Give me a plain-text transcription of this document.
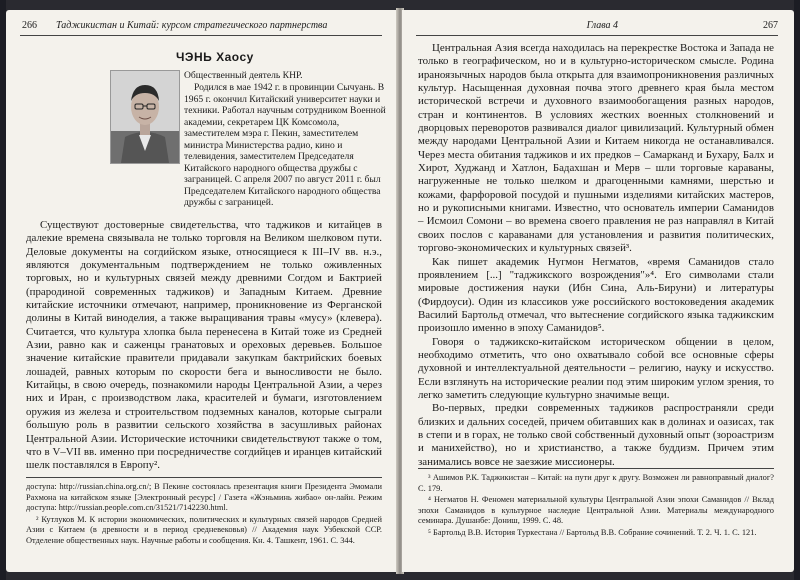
266 Таджикистан и Китай: курсом стратегического партнерства
ЧЭНЬ Хаосу

Общественный деятель КНР.

Родился в мае 1942 г. в провинции Сычуань. В 1965 г. окончил Китайский университет науки и техники. Работал научным сотрудником Военной академии, секретарем ЦК Комсомола, заместителем мэра г. Пекин, заместителем министра Министерства радио, кино и телевидения, заместителем Председателя Китайского народного общества дружбы с заграницей. С апреля 2007 по август 2011 г. был Председателем Китайского народного общества дружбы с заграницей.

Существуют достоверные свидетельства, что таджиков и китайцев в далекие времена связывала не только торговля на Великом шелковом пути. Деловые документы на согдийском языке, относящиеся к III–IV вв. н.э., являются документальным подтверждением не только оживленных торговых, но и культурных связей между древними Согдом и Бактрией (прародиной современных таджиков) и Западным Китаем. Древние китайские источники отмечают, например, проникновение из Ферганской долины в Китай виноделия, а также выращивания травы «мусу» (клевера). Считается, что культура хлопка была перенесена в Китай тоже из Средней Азии, равно как и саженцы гранатовых и ореховых деревьев. Большое значение китайские правители придавали закупкам бактрийских боевых лошадей, равных которым по скорости бега и выносливости не было. Китайцы, в свою очередь, познакомили народы Центральной Азии, а через них и Иран, с производством лака, красителей и бумаги, изготовлением оружия из железа и строительством подземных каналов, которые сыграли большую роль в развитии сельского хозяйства в засушливых районах Центральной Азии. Исторические источники свидетельствуют также о том, что в V–VII вв. именно при посредничестве согдийцев и иранцев китайский шелк поставлялся в Европу².

доступа: http://russian.china.org.cn/; В Пекине состоялась презентация книги Президента Эмомали Рахмона на китайском языке [Электронный ресурс] / Газета «Жэньминь жибао» он-лайн. Режим доступа: http://russian.people.com.cn/31521/7142230.html.

² Кутлуков М. К истории экономических, политических и культурных связей народов Средней Азии с Китаем (в древности и в период средневековья) // Академия наук Узбекской ССР. Отделение общественных наук. Научные работы и сообщения. Кн. 4. Ташкент, 1961. С. 344.

Глава 4	267

Центральная Азия всегда находилась на перекрестке Востока и Запада не только в географическом, но и в культурно-историческом смысле. Родина ираноязычных народов была открыта для взаимопроникновения различных культур. Насыщенная духовная почва этого древнего края была местом исторической встречи и духовного взаимообогащения разных народов, стран и континентов. В условиях жестких военных столкновений и дворцовых переворотов развивался диалог цивилизаций. Культурный обмен между народами Центральной Азии и Китаем никогда не останавливался. Через места обитания таджиков и их предков – Самарканд и Бухару, Балх и Хирот, Худжанд и Хатлон, Бадахшан и Мерв – шли торговые караваны, нагруженные не только шелком и драгоценными камнями, шерстью и кожами, фарфоровой посудой и пушными изделиями китайских мастеров, но и рукописными книгами. Известно, что основатель империи Саманидов – Исмоил Сомони – во времена своего правления не раз направлял в Китай своих послов с караванами для установления и развития политических, торгово-экономических и культурных связей³.

Как пишет академик Нугмон Негматов, «время Саманидов стало проявлением [...] "таджикского возрождения"»⁴. Его символами стали мировые достижения науки (Ибн Сина, Аль-Бируни) и литературы (Фирдоуси). Один из классиков уже российского востоковедения академик Василий Бартольд отмечал, что вытеснение согдийского языка таджикским произошло именно в эпоху Саманидов⁵.

Говоря о таджикско-китайском историческом общении в целом, необходимо отметить, что оно охватывало собой все основные сферы духовной и интеллектуальной деятельности – религию, науку и искусство. Если взглянуть на исторические реалии под этим широким углом зрения, то легко заметить следующие культурно значимые вещи.

Во-первых, предки современных таджиков распространяли среди близких и дальних соседей, причем обитавших как в долинах и оазисах, так в степи и в горах, не только свой собственный духовный опыт (зороастризм и манихейство), но и христианство, а также буддизм. Причем этим занимались вовсе не заезжие миссионеры.

³ Ашимов Р.К. Таджикистан – Китай: на пути друг к другу. Возможен ли равноправный диалог? С. 179.

⁴ Негматов Н. Феномен материальной культуры Центральной Азии эпохи Саманидов // Вклад эпохи Саманидов в культурное наследие Центральной Азии. Материалы международного семинара. Душанбе: Дониш, 1999. С. 48.

⁵ Бартольд В.В. История Туркестана // Бартольд В.В. Собрание сочинений. Т. 2. Ч. 1. С. 121.
